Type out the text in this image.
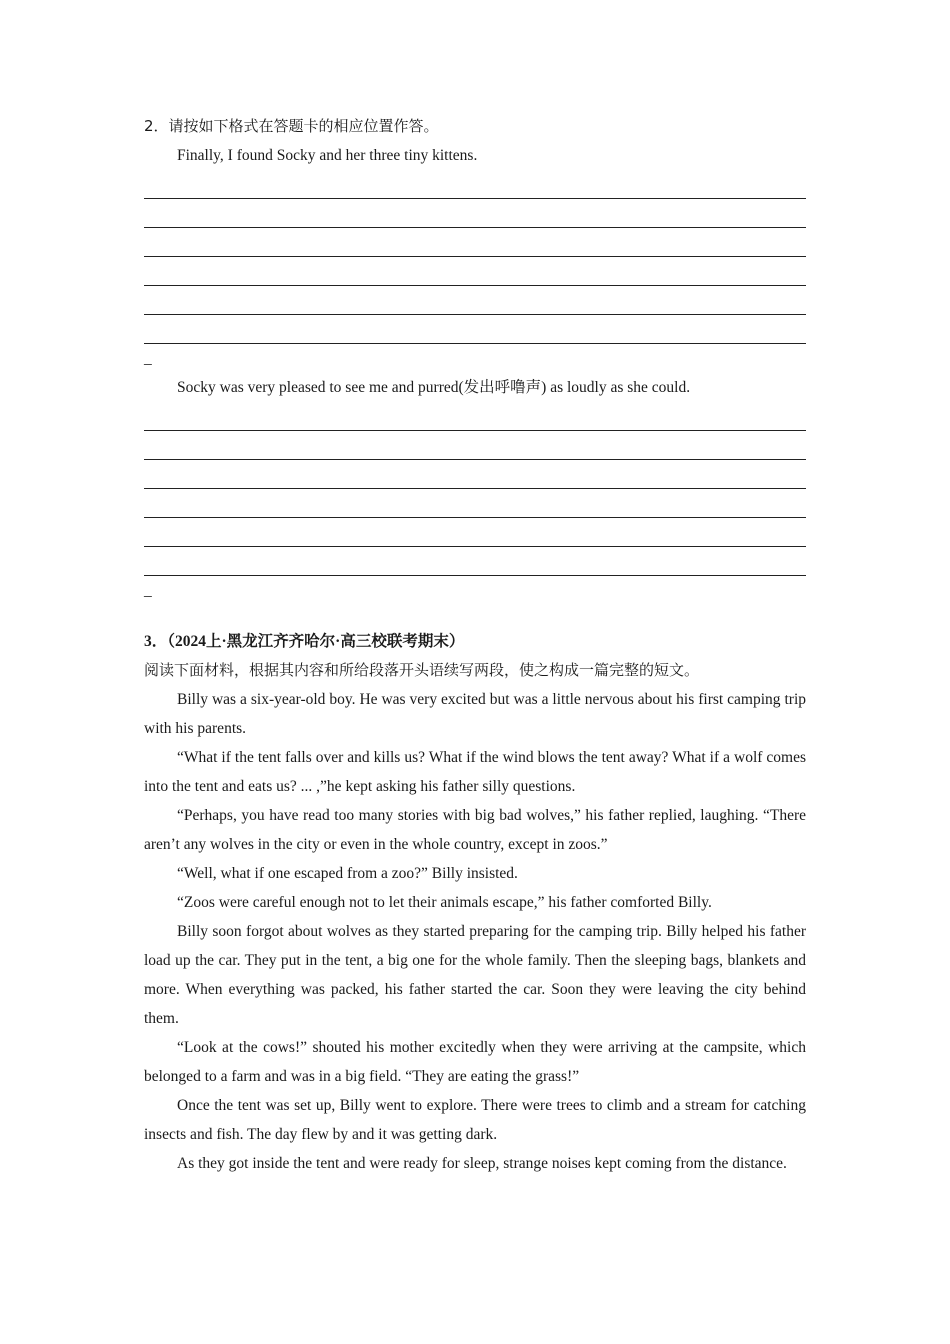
2．请按如下格式在答题卡的相应位置作答。

Finally, I found Socky and her three tiny kittens.

_

Socky was very pleased to see me and purred(发出呼噜声) as loudly as she could.

_

3．（2024上·黑龙江齐齐哈尔·高三校联考期末）

阅读下面材料，根据其内容和所给段落开头语续写两段，使之构成一篇完整的短文。

Billy was a six-year-old boy. He was very excited but was a little nervous about his first camping trip with his parents.

“What if the tent falls over and kills us? What if the wind blows the tent away? What if a wolf comes into the tent and eats us? ... ,”he kept asking his father silly questions.

“Perhaps, you have read too many stories with big bad wolves,” his father replied, laughing. “There aren’t any wolves in the city or even in the whole country, except in zoos.”

“Well, what if one escaped from a zoo?” Billy insisted.

“Zoos were careful enough not to let their animals escape,” his father comforted Billy.

Billy soon forgot about wolves as they started preparing for the camping trip. Billy helped his father load up the car. They put in the tent, a big one for the whole family. Then the sleeping bags, blankets and more. When everything was packed, his father started the car. Soon they were leaving the city behind them.

“Look at the cows!” shouted his mother excitedly when they were arriving at the campsite, which belonged to a farm and was in a big field. “They are eating the grass!”

Once the tent was set up, Billy went to explore. There were trees to climb and a stream for catching insects and fish. The day flew by and it was getting dark.

As they got inside the tent and were ready for sleep, strange noises kept coming from the distance.
